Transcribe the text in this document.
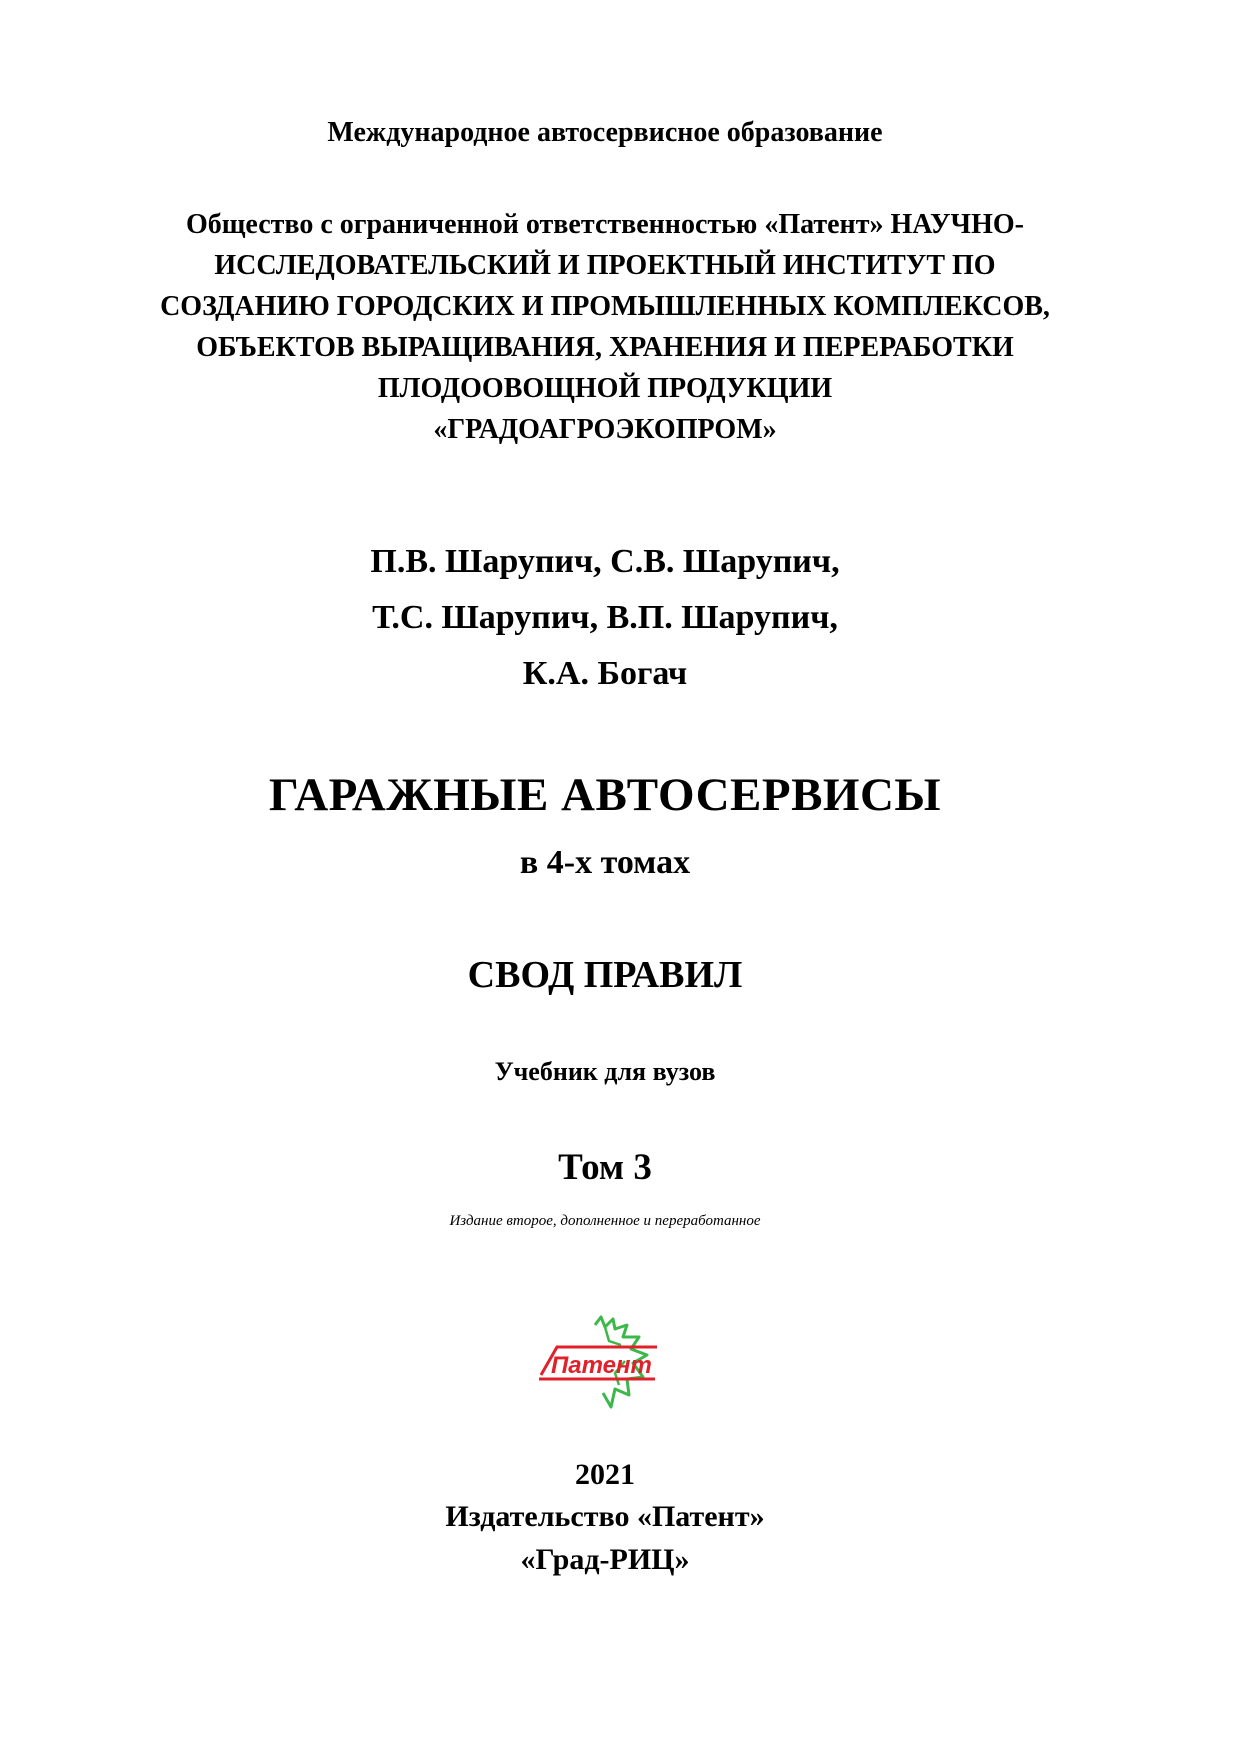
Международное автосервисное образование
Общество с ограниченной ответственностью «Патент» НАУЧНО-
ИССЛЕДОВАТЕЛЬСКИЙ И ПРОЕКТНЫЙ ИНСТИТУТ ПО
СОЗДАНИЮ ГОРОДСКИХ И ПРОМЫШЛЕННЫХ КОМПЛЕКСОВ,
ОБЪЕКТОВ ВЫРАЩИВАНИЯ, ХРАНЕНИЯ И ПЕРЕРАБОТКИ
ПЛОДООВОЩНОЙ ПРОДУКЦИИ
«ГРАДОАГРОЭКОПРОМ»
П.В. Шарупич, С.В. Шарупич,
Т.С. Шарупич, В.П. Шарупич,
К.А. Богач
ГАРАЖНЫЕ АВТОСЕРВИСЫ
в 4-х томах
СВОД ПРАВИЛ
Учебник для вузов
Том 3
Издание второе, дополненное и переработанное
Патент
2021
Издательство «Патент»
«Град-РИЦ»
